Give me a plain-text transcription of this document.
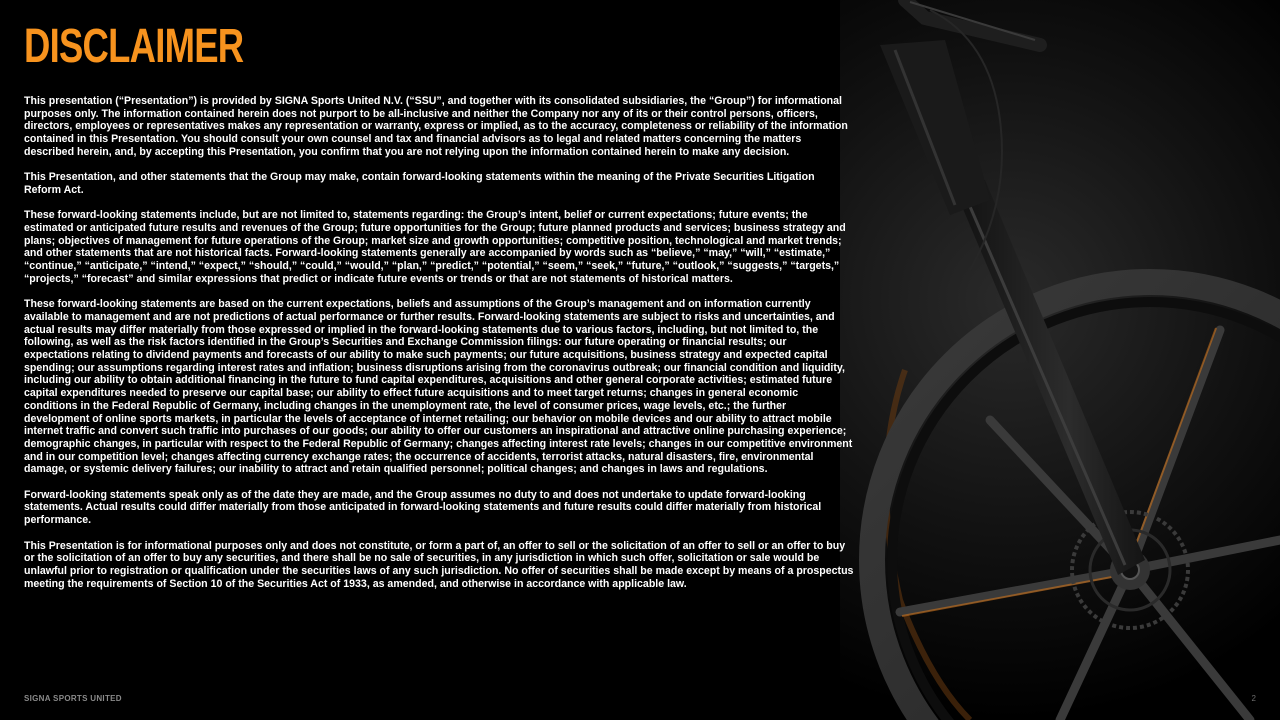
DISCLAIMER

This presentation (“Presentation”) is provided by SIGNA Sports United N.V. (“SSU”, and together with its consolidated subsidiaries, the “Group”) for informational purposes only. The information contained herein does not purport to be all-inclusive and neither the Company nor any of its or their control persons, officers, directors, employees or representatives makes any representation or warranty, express or implied, as to the accuracy, completeness or reliability of the information contained in this Presentation. You should consult your own counsel and tax and financial advisors as to legal and related matters concerning the matters described herein, and, by accepting this Presentation, you confirm that you are not relying upon the information contained herein to make any decision.

This Presentation, and other statements that the Group may make, contain forward-looking statements within the meaning of the Private Securities Litigation Reform Act.

These forward-looking statements include, but are not limited to, statements regarding: the Group’s intent, belief or current expectations; future events; the estimated or anticipated future results and revenues of the Group; future opportunities for the Group; future planned products and services; business strategy and plans; objectives of management for future operations of the Group; market size and growth opportunities; competitive position, technological and market trends; and other statements that are not historical facts. Forward-looking statements generally are accompanied by words such as “believe,” “may,” “will,” “estimate,” “continue,” “anticipate,” “intend,” “expect,” “should,” “could,” “would,” “plan,” “predict,” “potential,” “seem,” “seek,” “future,” “outlook,” “suggests,” “targets,” “projects,” “forecast” and similar expressions that predict or indicate future events or trends or that are not statements of historical matters.

These forward-looking statements are based on the current expectations, beliefs and assumptions of the Group’s management and on information currently available to management and are not predictions of actual performance or further results. Forward-looking statements are subject to risks and uncertainties, and actual results may differ materially from those expressed or implied in the forward-looking statements due to various factors, including, but not limited to, the following, as well as the risk factors identified in the Group’s Securities and Exchange Commission filings: our future operating or financial results; our expectations relating to dividend payments and forecasts of our ability to make such payments; our future acquisitions, business strategy and expected capital spending; our assumptions regarding interest rates and inflation; business disruptions arising from the coronavirus outbreak; our financial condition and liquidity, including our ability to obtain additional financing in the future to fund capital expenditures, acquisitions and other general corporate activities; estimated future capital expenditures needed to preserve our capital base; our ability to effect future acquisitions and to meet target returns; changes in general economic conditions in the Federal Republic of Germany, including changes in the unemployment rate, the level of consumer prices, wage levels, etc.; the further development of online sports markets, in particular the levels of acceptance of internet retailing; our behavior on mobile devices and our ability to attract mobile internet traffic and convert such traffic into purchases of our goods; our ability to offer our customers an inspirational and attractive online purchasing experience; demographic changes, in particular with respect to the Federal Republic of Germany; changes affecting interest rate levels; changes in our competitive environment and in our competition level; changes affecting currency exchange rates; the occurrence of accidents, terrorist attacks, natural disasters, fire, environmental damage, or systemic delivery failures; our inability to attract and retain qualified personnel; political changes; and changes in laws and regulations.

Forward-looking statements speak only as of the date they are made, and the Group assumes no duty to and does not undertake to update forward-looking statements. Actual results could differ materially from those anticipated in forward-looking statements and future results could differ materially from historical performance.

This Presentation is for informational purposes only and does not constitute, or form a part of, an offer to sell or the solicitation of an offer to sell or an offer to buy or the solicitation of an offer to buy any securities, and there shall be no sale of securities, in any jurisdiction in which such offer, solicitation or sale would be unlawful prior to registration or qualification under the securities laws of any such jurisdiction. No offer of securities shall be made except by means of a prospectus meeting the requirements of Section 10 of the Securities Act of 1933, as amended, and otherwise in accordance with applicable law.

SIGNA SPORTS UNITED	2
